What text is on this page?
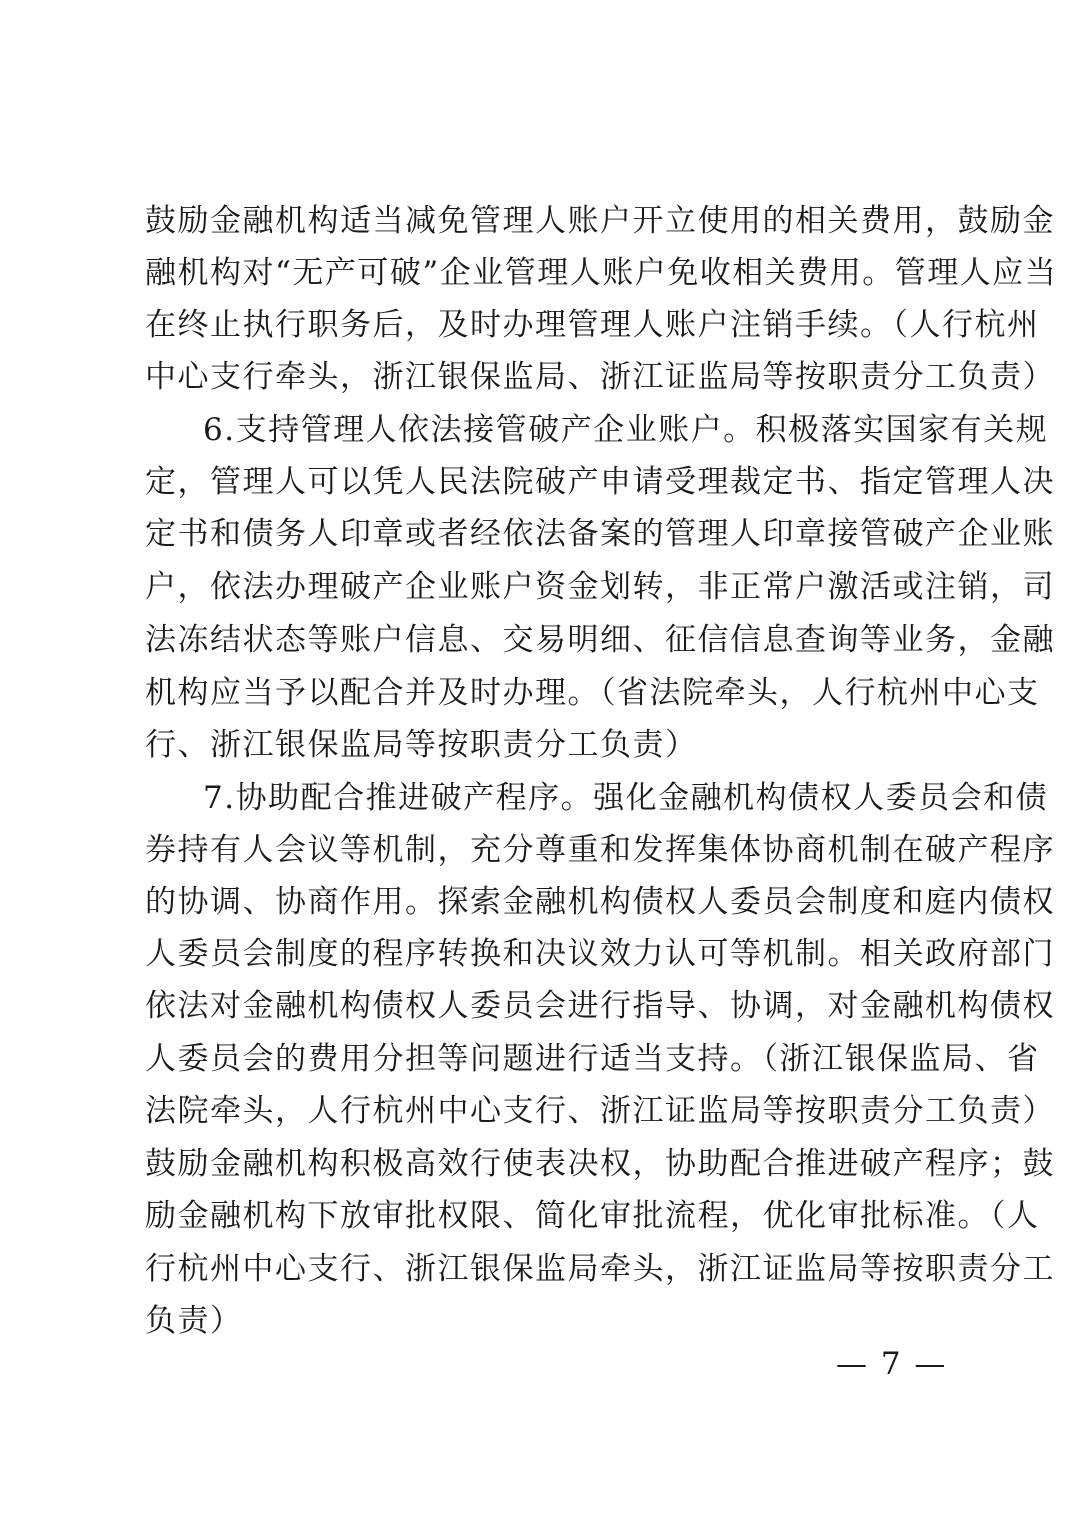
鼓励金融机构适当减免管理人账户开立使用的相关费用，鼓励金
融机构对“无产可破”企业管理人账户免收相关费用。管理人应当
在终止执行职务后，及时办理管理人账户注销手续。（人行杭州
中心支行牵头，浙江银保监局、浙江证监局等按职责分工负责）
6.支持管理人依法接管破产企业账户。积极落实国家有关规
定，管理人可以凭人民法院破产申请受理裁定书、指定管理人决
定书和债务人印章或者经依法备案的管理人印章接管破产企业账
户，依法办理破产企业账户资金划转，非正常户激活或注销，司
法冻结状态等账户信息、交易明细、征信信息查询等业务，金融
机构应当予以配合并及时办理。（省法院牵头，人行杭州中心支
行、浙江银保监局等按职责分工负责）
7.协助配合推进破产程序。强化金融机构债权人委员会和债
券持有人会议等机制，充分尊重和发挥集体协商机制在破产程序
的协调、协商作用。探索金融机构债权人委员会制度和庭内债权
人委员会制度的程序转换和决议效力认可等机制。相关政府部门
依法对金融机构债权人委员会进行指导、协调，对金融机构债权
人委员会的费用分担等问题进行适当支持。（浙江银保监局、省
法院牵头，人行杭州中心支行、浙江证监局等按职责分工负责）
鼓励金融机构积极高效行使表决权，协助配合推进破产程序；鼓
励金融机构下放审批权限、简化审批流程，优化审批标准。（人
行杭州中心支行、浙江银保监局牵头，浙江证监局等按职责分工
负责）
— 7 —
